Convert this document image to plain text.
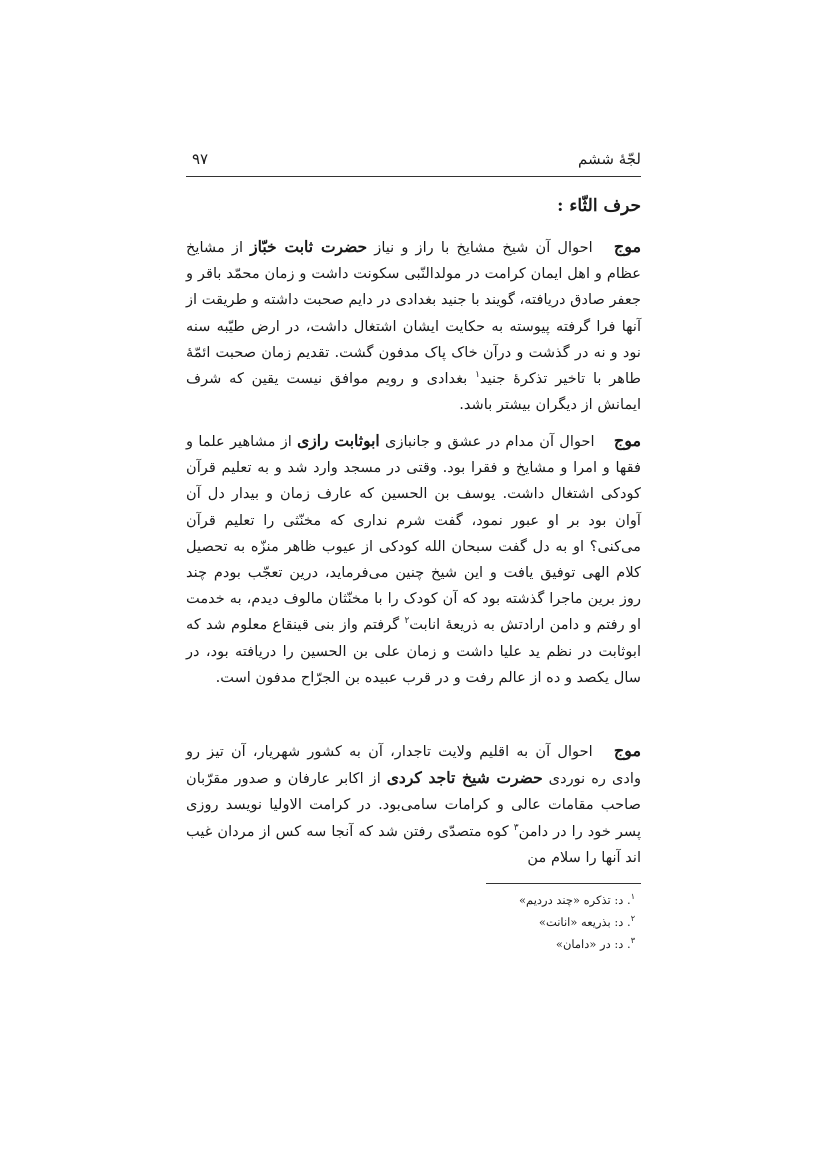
لجّهٔ ششم
۹۷
حرف الثّاء :

موج احوال آن شیخ مشایخ با راز و نیاز حضرت ثابت خبّاز از مشایخ عظام و اهل ایمان کرامت در مولدالنّبی سکونت داشت و زمان محمّد باقر و جعفر صادق دریافته، گویند با جنید بغدادی در دایم صحبت داشته و طریقت از آنها فرا گرفته پیوسته به حکایت ایشان اشتغال داشت، در ارض طیّبه سنه نود و نه در گذشت و درآن خاک پاک مدفون گشت. تقدیم زمان صحبت ائمّهٔ طاهر با تاخیر تذکرهٔ جنید$^۱$ بغدادی و رویم موافق نیست یقین که شرف ایمانش از دیگران بیشتر باشد.

موج احوال آن مدام در عشق و جانبازی ابوثابت رازی از مشاهیر علما و فقها و امرا و مشایخ و فقرا بود. وقتی در مسجد وارد شد و به تعلیم قرآن کودکی اشتغال داشت. یوسف بن الحسین که عارف زمان و بیدار دل آن آوان بود بر او عبور نمود، گفت شرم نداری که مخنّثی را تعلیم قرآن می‌کنی؟ او به دل گفت سبحان الله کودکی از عیوب ظاهر منزّه به تحصیل کلام الهی توفیق یافت و این شیخ چنین می‌فرماید، درین تعجّب بودم چند روز برین ماجرا گذشته بود که آن کودک را با مخنّثان مالوف دیدم، به خدمت او رفتم و دامن ارادتش به ذریعهٔ انابت$^۲$ گرفتم واز بنی قینقاع معلوم شد که ابوثابت در نظم ید علیا داشت و زمان علی بن الحسین را دریافته بود، در سال یکصد و ده از عالم رفت و در قرب عبیده بن الجرّاح مدفون است.

موج احوال آن به اقلیم ولایت تاجدار، آن به کشور شهریار، آن تیز رو وادی ره نوردی حضرت شیخ تاجد کردی از اکابر عارفان و صدور مقرّبان صاحب مقامات عالی و کرامات سامی‌بود. در کرامت الاولیا نویسد روزی پسر خود را در دامن$^۳$ کوه متصدّی رفتن شد که آنجا سه کس از مردان غیب اند آنها را سلام من

$^۱$. د: تذکره «چند دردیم»
$^۲$. د: بذریعه «انانت»
$^۳$. د: در «دامان»
